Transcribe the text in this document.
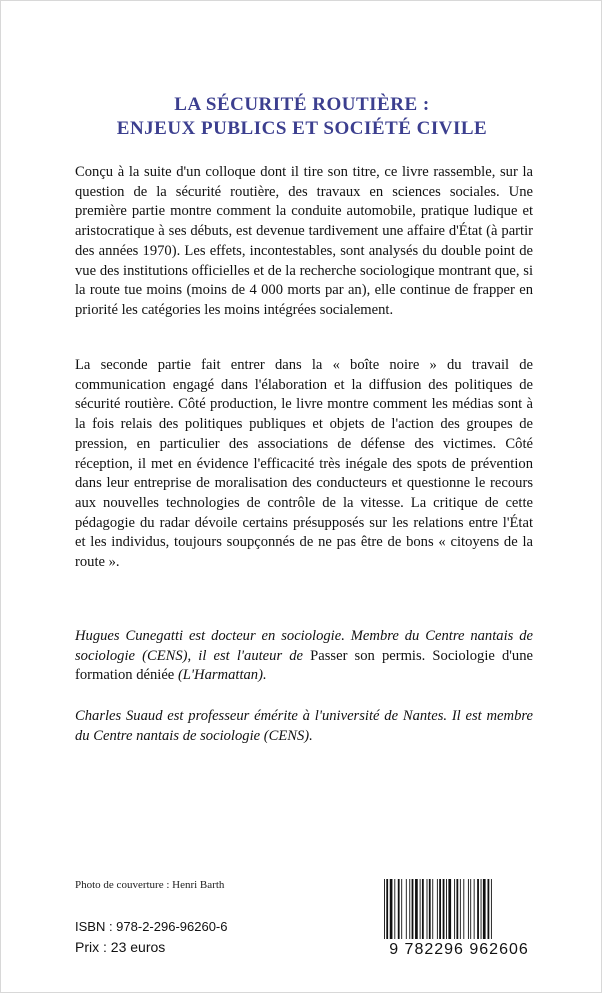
LA SÉCURITÉ ROUTIÈRE :
ENJEUX PUBLICS ET SOCIÉTÉ CIVILE

Conçu à la suite d'un colloque dont il tire son titre, ce livre rassemble, sur la question de la sécurité routière, des travaux en sciences sociales. Une première partie montre comment la conduite automobile, pratique ludique et aristocratique à ses débuts, est devenue tardivement une affaire d'État (à partir des années 1970). Les effets, incontestables, sont analysés du double point de vue des institutions officielles et de la recherche sociologique montrant que, si la route tue moins (moins de 4 000 morts par an), elle continue de frapper en priorité les catégories les moins intégrées socialement.

La seconde partie fait entrer dans la « boîte noire » du travail de communication engagé dans l'élaboration et la diffusion des politiques de sécurité routière. Côté production, le livre montre comment les médias sont à la fois relais des politiques publiques et objets de l'action des groupes de pression, en particulier des associations de défense des victimes. Côté réception, il met en évidence l'efficacité très inégale des spots de prévention dans leur entreprise de moralisation des conducteurs et questionne le recours aux nouvelles technologies de contrôle de la vitesse. La critique de cette pédagogie du radar dévoile certains présupposés sur les relations entre l'État et les individus, toujours soupçonnés de ne pas être de bons « citoyens de la route ».

Hugues Cunegatti est docteur en sociologie. Membre du Centre nantais de sociologie (CENS), il est l'auteur de Passer son permis. Sociologie d'une formation déniée (L'Harmattan).

Charles Suaud est professeur émérite à l'université de Nantes. Il est membre du Centre nantais de sociologie (CENS).

Photo de couverture : Henri Barth
ISBN : 978-2-296-96260-6
Prix : 23 euros	9 782296 962606
